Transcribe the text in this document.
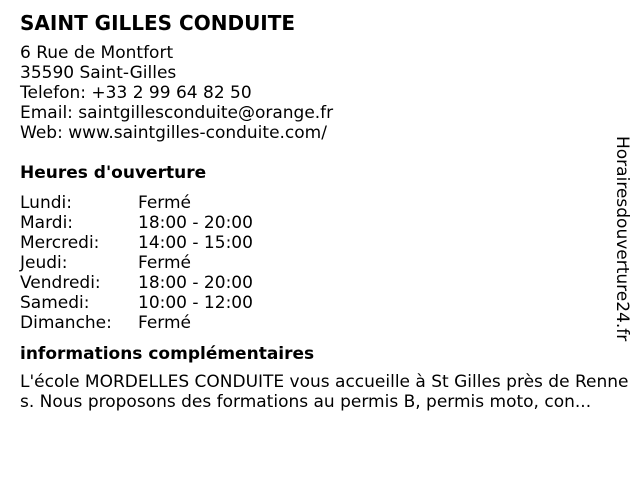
SAINT GILLES CONDUITE
6 Rue de Montfort
35590 Saint-Gilles
Telefon: +33 2 99 64 82 50
Email: saintgillesconduite@orange.fr
Web: www.saintgilles-conduite.com/
Heures d'ouverture
Lundi:	Fermé
Mardi:	18:00 - 20:00
Mercredi: 14:00 - 15:00
Jeudi:	Fermé
Vendredi: 18:00 - 20:00
Samedi:	10:00 - 12:00
Dimanche: Fermé
informations complémentaires
L'école MORDELLES CONDUITE vous accueille à St Gilles près de Rennes. Nous proposons des formations au permis B, permis moto, con...
Horairesdouverture24.fr
